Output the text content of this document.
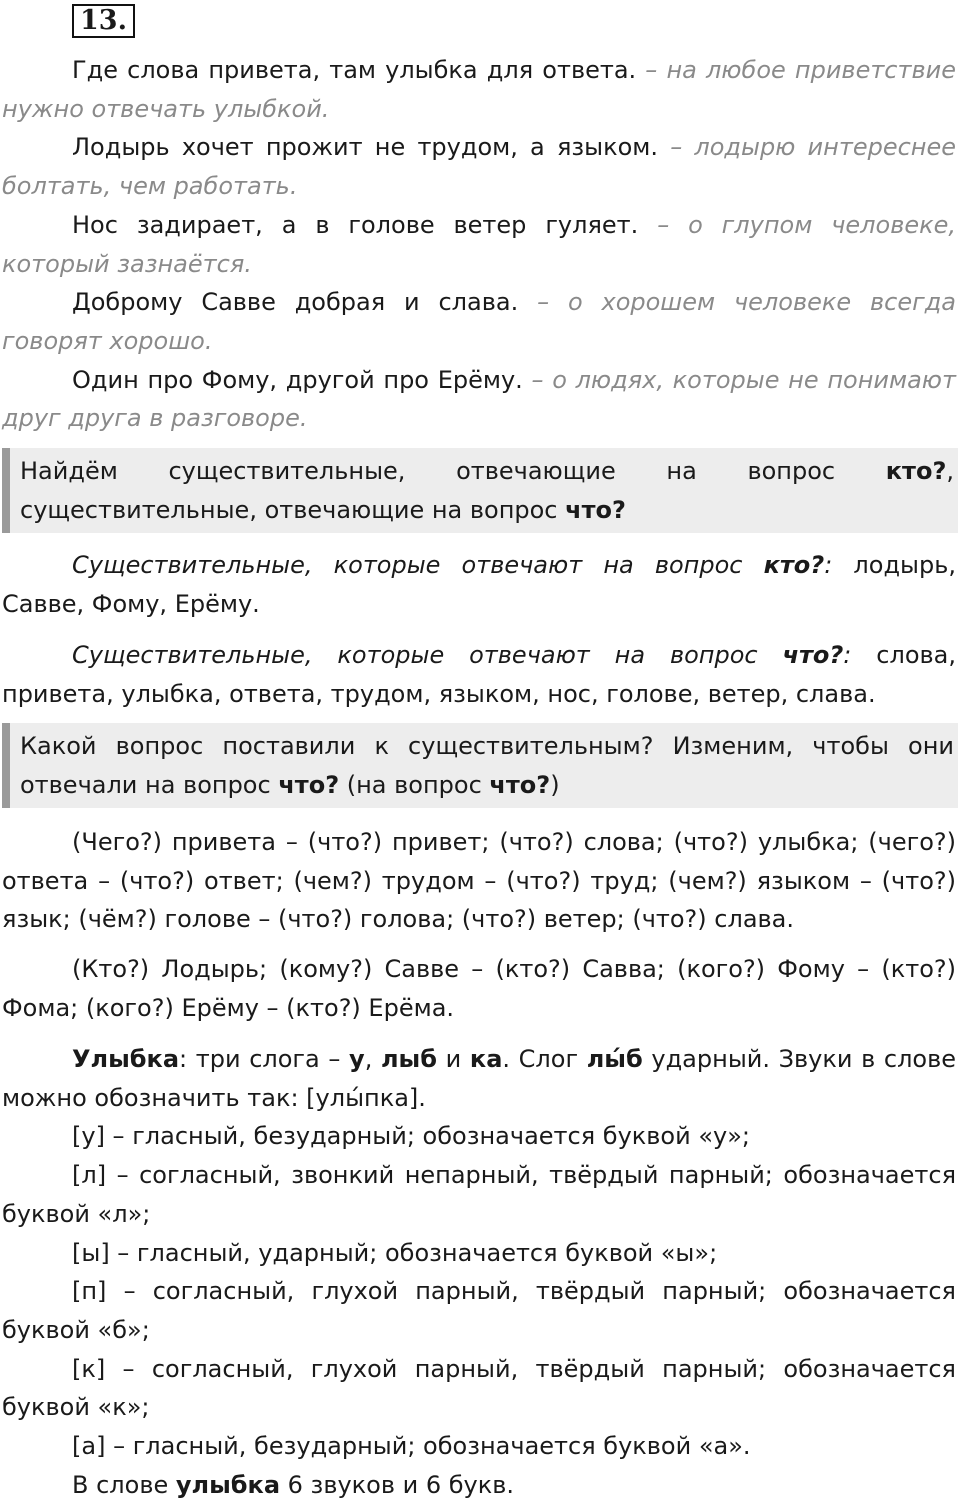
13.

Где слова привета, там улыбка для ответа. – на любое приветствие нужно отвечать улыбкой.

Лодырь хочет прожит не трудом, а языком. – лодырю интереснее болтать, чем работать.

Нос задирает, а в голове ветер гуляет. – о глупом человеке, который зазнаётся.

Доброму Савве добрая и слава. – о хорошем человеке всегда говорят хорошо.

Один про Фому, другой про Ерёму. – о людях, которые не понимают друг друга в разговоре.

Найдём существительные, отвечающие на вопрос кто?, существительные, отвечающие на вопрос что?

Существительные, которые отвечают на вопрос кто?: лодырь, Савве, Фому, Ерёму.

Существительные, которые отвечают на вопрос что?: слова, привета, улыбка, ответа, трудом, языком, нос, голове, ветер, слава.

Какой вопрос поставили к существительным? Изменим, чтобы они отвечали на вопрос что? (на вопрос что?)

(Чего?) привета – (что?) привет; (что?) слова; (что?) улыбка; (чего?) ответа – (что?) ответ; (чем?) трудом – (что?) труд; (чем?) языком – (что?) язык; (чём?) голове – (что?) голова; (что?) ветер; (что?) слава.

(Кто?) Лодырь; (кому?) Савве – (кто?) Савва; (кого?) Фому – (кто?) Фома; (кого?) Ерёму – (кто?) Ерёма.

Улыбка: три слога – у, лыб и ка. Слог лы́б ударный. Звуки в слове можно обозначить так: [улы́пка].

[у] – гласный, безударный; обозначается буквой «у»;

[л] – согласный, звонкий непарный, твёрдый парный; обозначается буквой «л»;

[ы] – гласный, ударный; обозначается буквой «ы»;

[п] – согласный, глухой парный, твёрдый парный; обозначается буквой «б»;

[к] – согласный, глухой парный, твёрдый парный; обозначается буквой «к»;

[а] – гласный, безударный; обозначается буквой «а».

В слове улыбка 6 звуков и 6 букв.
